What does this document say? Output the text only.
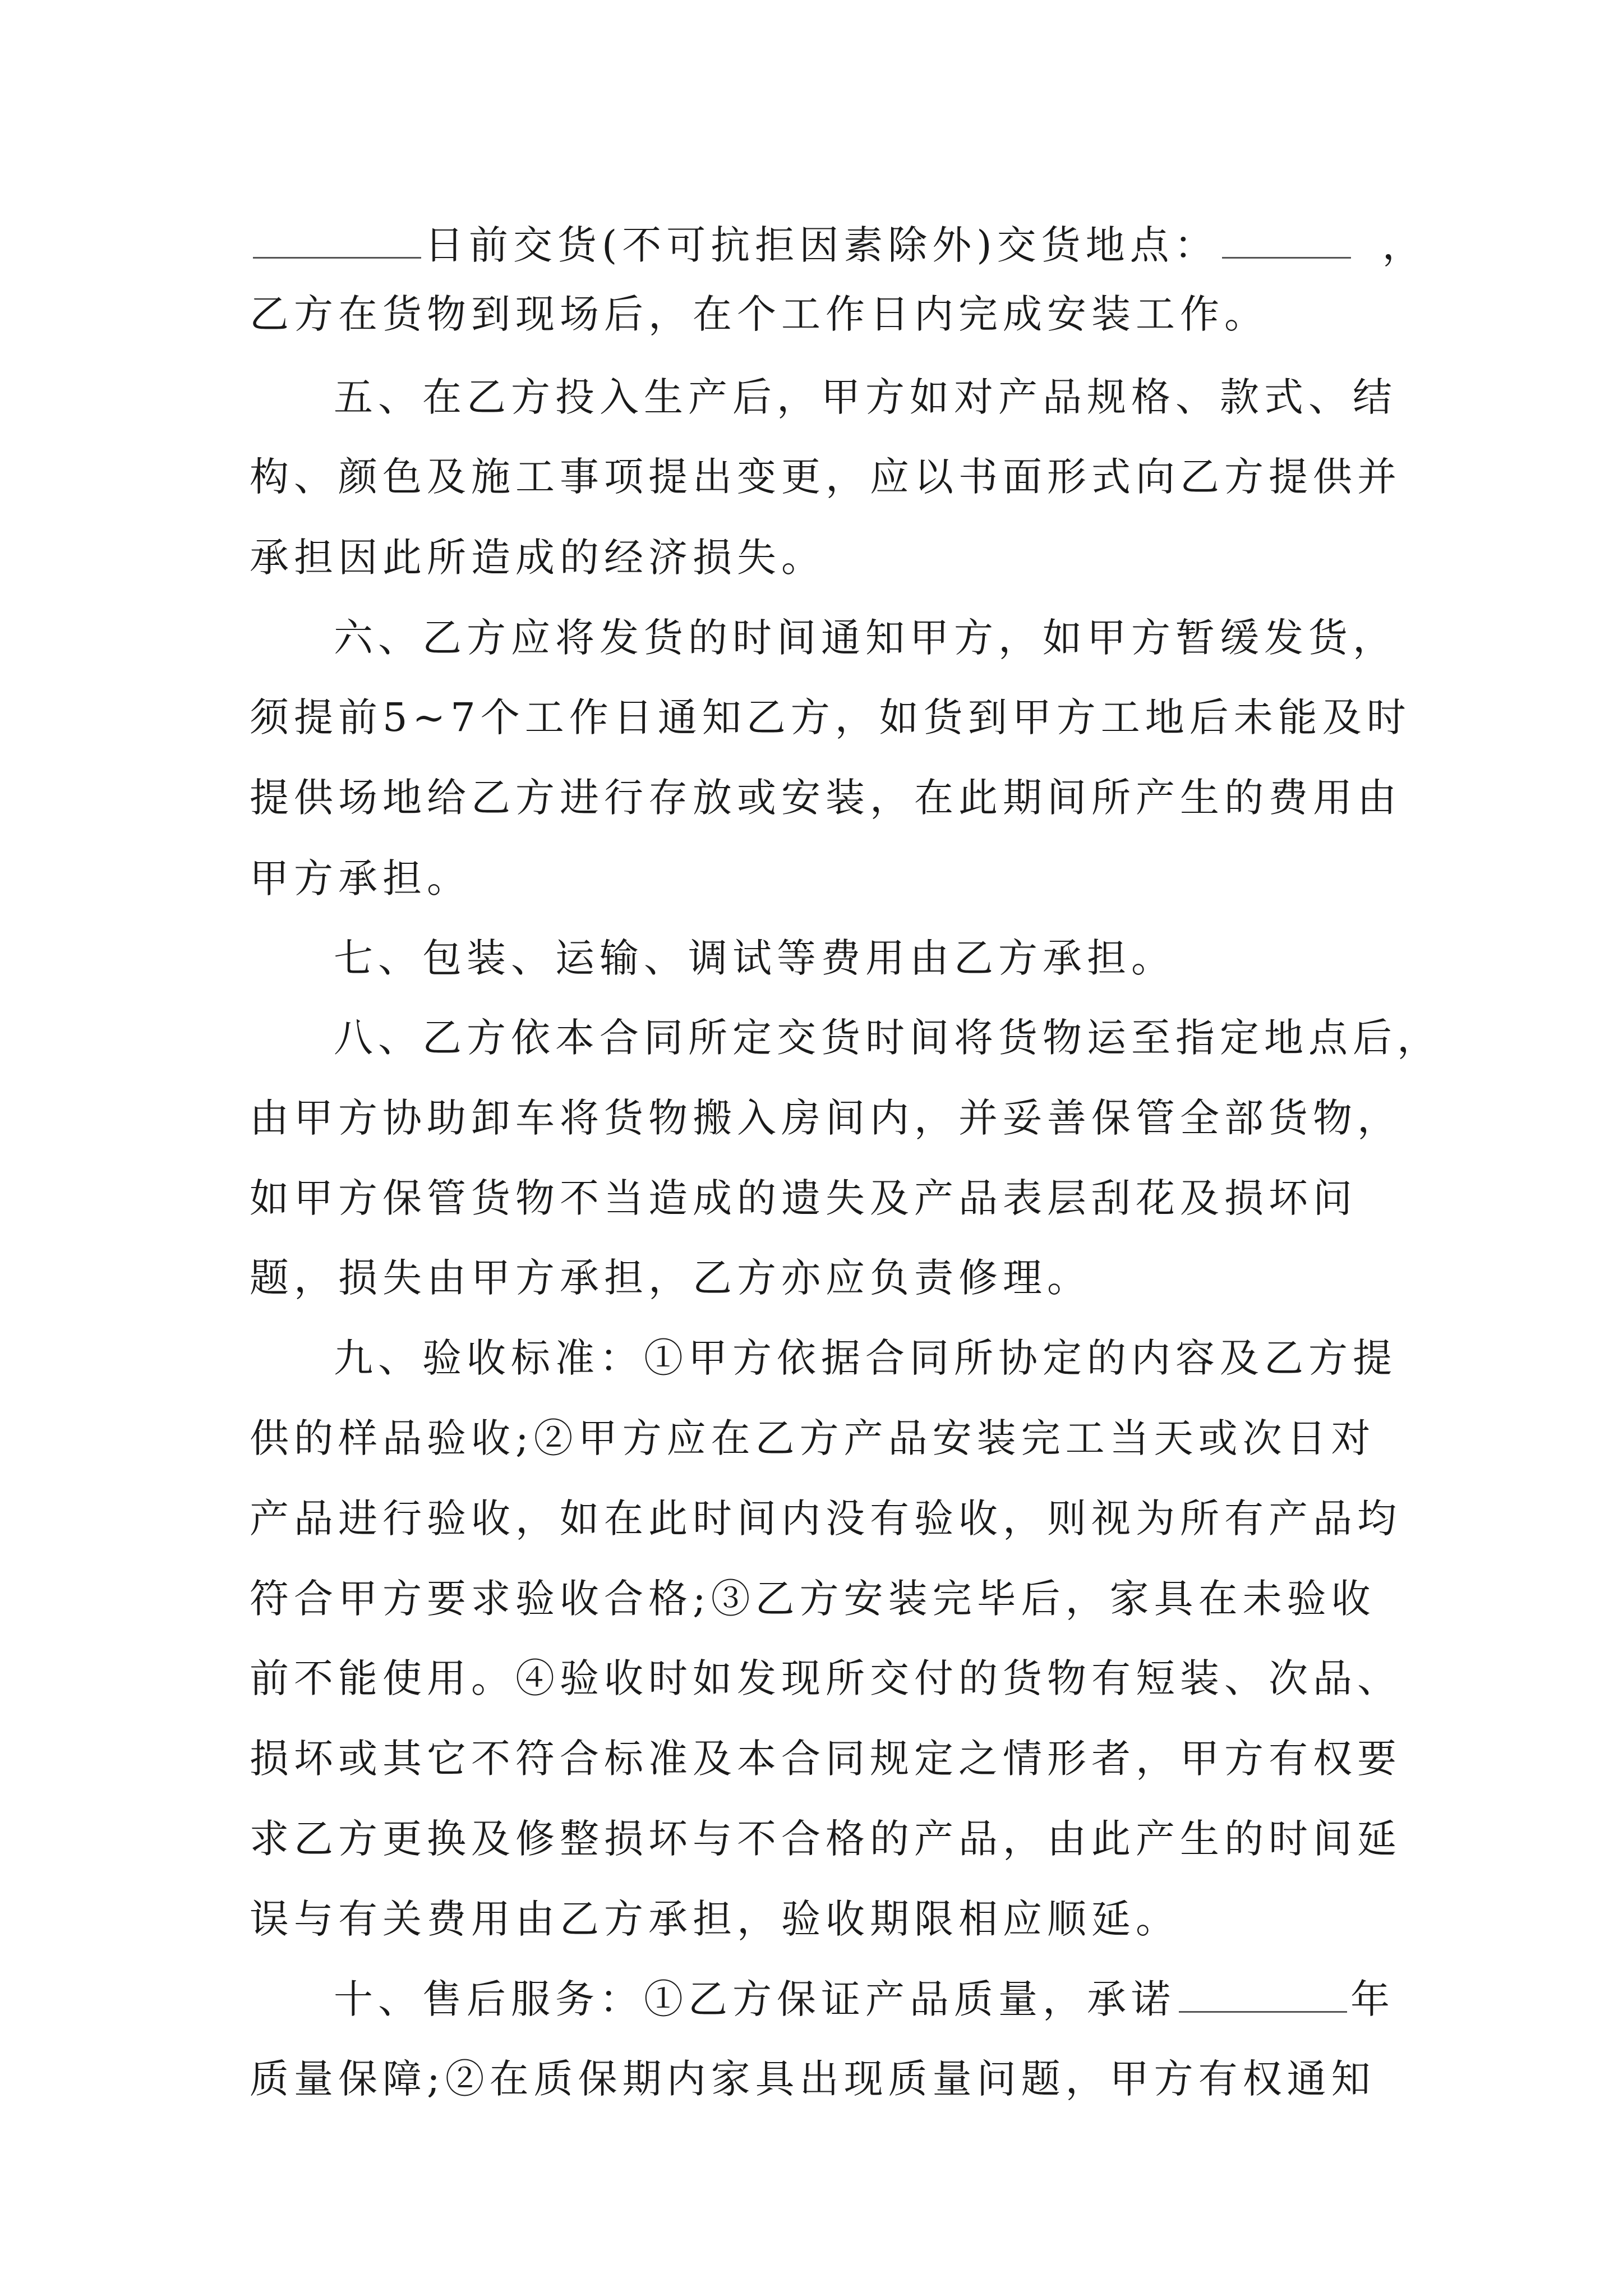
日前交货(不可抗拒因素除外)交货地点：	，
乙方在货物到现场后，在个工作日内完成安装工作。
五、在乙方投入生产后，甲方如对产品规格、款式、结
构、颜色及施工事项提出变更，应以书面形式向乙方提供并
承担因此所造成的经济损失。
六、乙方应将发货的时间通知甲方，如甲方暂缓发货，
须提前5~7个工作日通知乙方，如货到甲方工地后未能及时
提供场地给乙方进行存放或安装，在此期间所产生的费用由
甲方承担。
七、包装、运输、调试等费用由乙方承担。
八、乙方依本合同所定交货时间将货物运至指定地点后，
由甲方协助卸车将货物搬入房间内，并妥善保管全部货物，
如甲方保管货物不当造成的遗失及产品表层刮花及损坏问
题，损失由甲方承担，乙方亦应负责修理。
九、验收标准：①甲方依据合同所协定的内容及乙方提
供的样品验收;②甲方应在乙方产品安装完工当天或次日对
产品进行验收，如在此时间内没有验收，则视为所有产品均
符合甲方要求验收合格;③乙方安装完毕后，家具在未验收
前不能使用。④验收时如发现所交付的货物有短装、次品、
损坏或其它不符合标准及本合同规定之情形者，甲方有权要
求乙方更换及修整损坏与不合格的产品，由此产生的时间延
误与有关费用由乙方承担，验收期限相应顺延。
十、售后服务：①乙方保证产品质量，承诺	年
质量保障;②在质保期内家具出现质量问题，甲方有权通知
